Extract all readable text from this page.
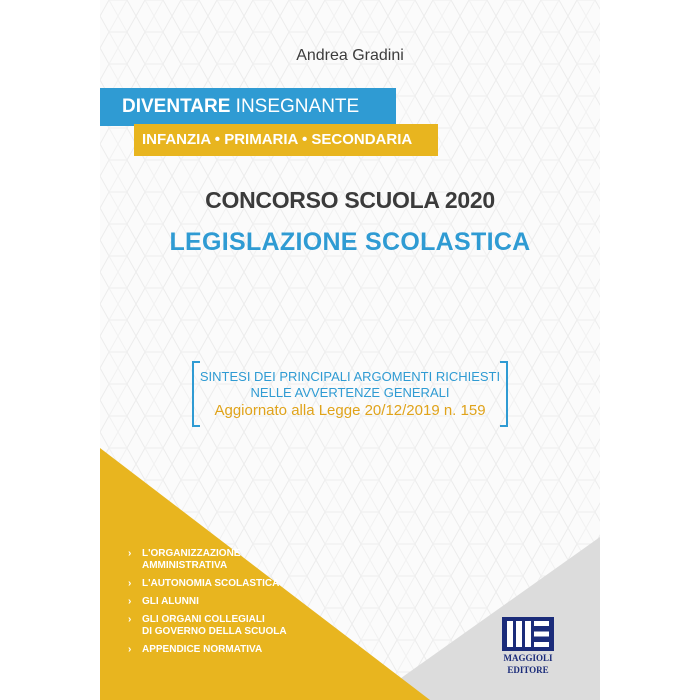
Andrea Gradini
CONCORSO SCUOLA 2020
LEGISLAZIONE SCOLASTICA
SINTESI DEI PRINCIPALI ARGOMENTI RICHIESTI
NELLE AVVERTENZE GENERALI
Aggiornato alla Legge 20/12/2019 n. 159
›	L'ORGANIZZAZIONE
AMMINISTRATIVA
›	L'AUTONOMIA SCOLASTICA
›	GLI ALUNNI
›	GLI ORGANI COLLEGIALI
DI GOVERNO DELLA SCUOLA
›	APPENDICE NORMATIVA
MAGGIOLI
EDITORE
DIVENTARE INSEGNANTE
INFANZIA • PRIMARIA • SECONDARIA
